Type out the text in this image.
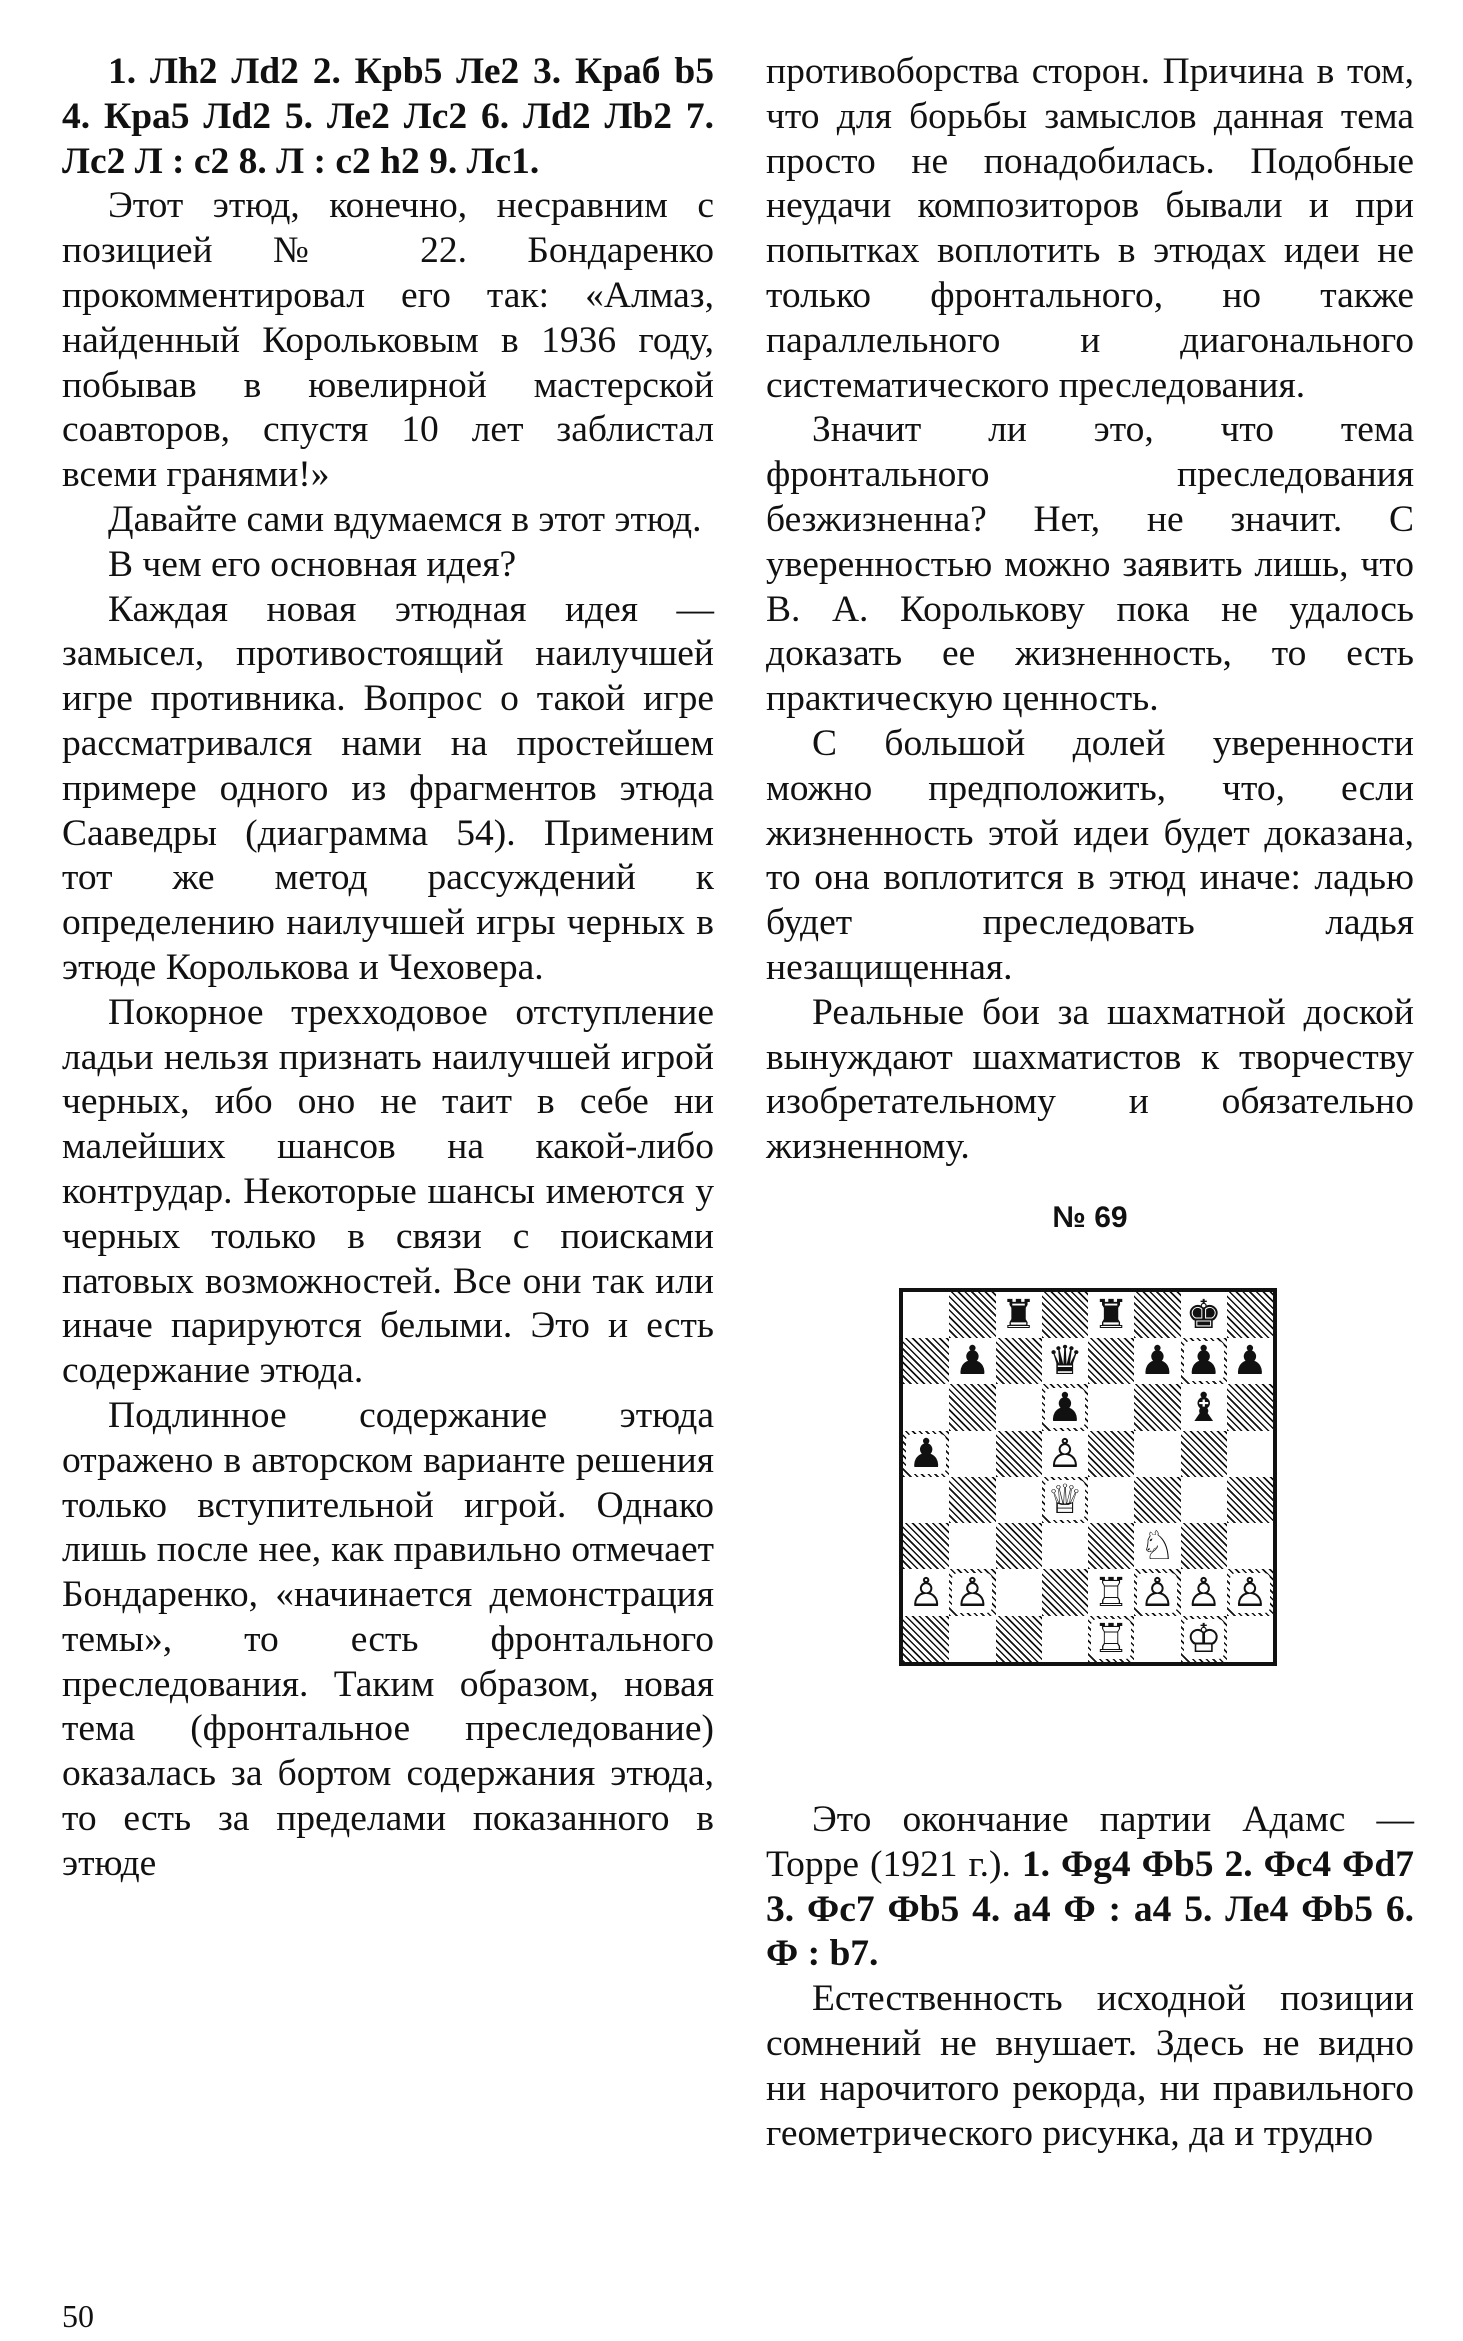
1. Лh2 Лd2 2. Крb5 Ле2 3. Краб b5 4. Кра5 Лd2 5. Ле2 Лс2 6. Лd2 Лb2 7. Лс2 Л : с2 8. Л : с2 h2 9. Лс1.

Этот этюд, конечно, несравним с позицией № 22. Бондаренко прокомментировал его так: «Алмаз, найденный Корольковым в 1936 году, побывав в ювелирной мастерской соавторов, спустя 10 лет заблистал всеми гранями!»

Давайте сами вдумаемся в этот этюд.

В чем его основная идея?

Каждая новая этюдная идея — замысел, противостоящий наилучшей игре противника. Вопрос о такой игре рассматривался нами на простейшем примере одного из фрагментов этюда Сааведры (диаграмма 54). Применим тот же метод рассуждений к определению наилучшей игры черных в этюде Королькова и Чеховера.

Покорное трехходовое отступление ладьи нельзя признать наилучшей игрой черных, ибо оно не таит в себе ни малейших шансов на какой-либо контрудар. Некоторые шансы имеются у черных только в связи с поисками патовых возможностей. Все они так или иначе парируются белыми. Это и есть содержание этюда.

Подлинное содержание этюда отражено в авторском варианте решения только вступительной игрой. Однако лишь после нее, как правильно отмечает Бондаренко, «начинается демонстрация темы», то есть фронтального преследования. Таким образом, новая тема (фронтальное преследование) оказалась за бортом содержания этюда, то есть за пределами показанного в этюде

противоборства сторон. Причина в том, что для борьбы замыслов данная тема просто не понадобилась. Подобные неудачи композиторов бывали и при попытках воплотить в этюдах идеи не только фронтального, но также параллельного и диагонального систематического преследования.

Значит ли это, что тема фронтального преследования безжизненна? Нет, не значит. С уверенностью можно заявить лишь, что В. А. Королькову пока не удалось доказать ее жизненность, то есть практическую ценность.

С большой долей уверенности можно предположить, что, если жизненность этой идеи будет доказана, то она воплотится в этюд иначе: ладью будет преследовать ладья незащищенная.

Реальные бои за шахматной доской вынуждают шахматистов к творчеству изобретательному и обязательно жизненному.

№ 69

♜ ♜ ♚
♟ ♛ ♟ ♟ ♟
♟	♝
♟	♙
♕
♘
♙ ♙	♖ ♙ ♙ ♙
♖ ♔

Это окончание партии Адамс — Торре (1921 г.). 1. Фg4 Фb5 2. Фс4 Фd7 3. Фс7 Фb5 4. а4 Ф : а4 5. Ле4 Фb5 6. Ф : b7.

Естественность исходной позиции сомнений не внушает. Здесь не видно ни нарочитого рекорда, ни правильного геометрического рисунка, да и трудно

50
